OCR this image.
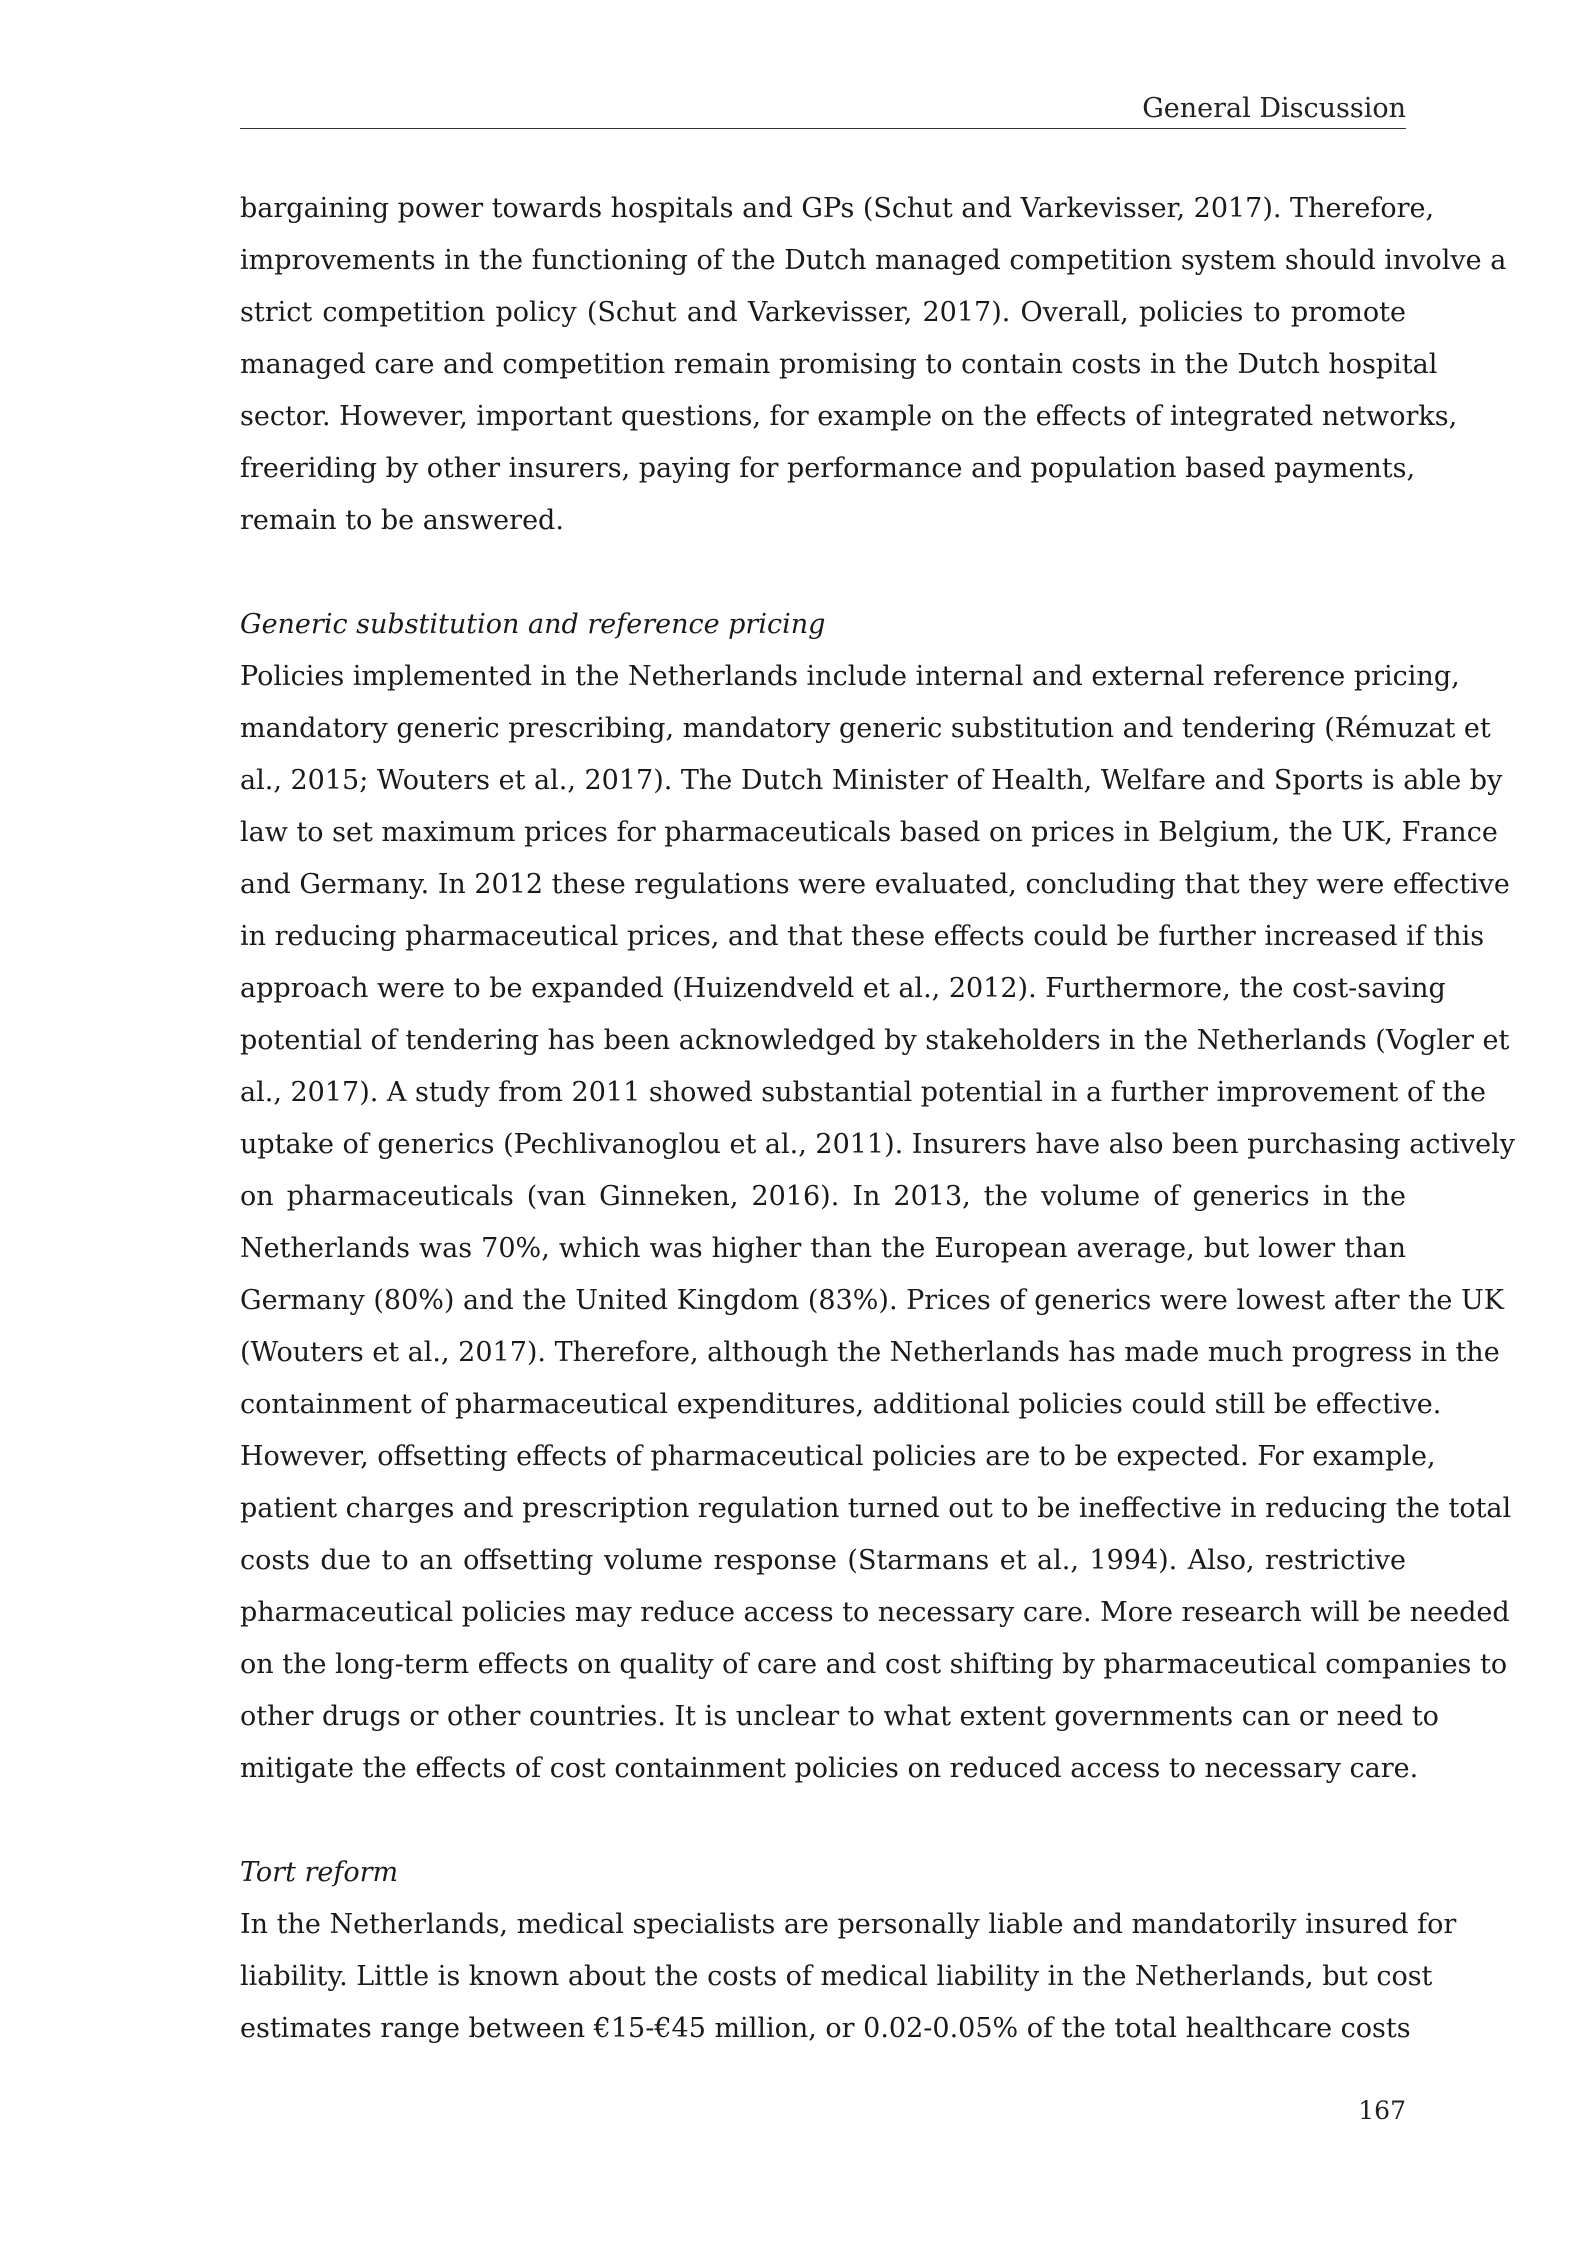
General Discussion
bargaining power towards hospitals and GPs (Schut and Varkevisser, 2017). Therefore,
improvements in the functioning of the Dutch managed competition system should involve a
strict competition policy (Schut and Varkevisser, 2017). Overall, policies to promote
managed care and competition remain promising to contain costs in the Dutch hospital
sector. However, important questions, for example on the effects of integrated networks,
freeriding by other insurers, paying for performance and population based payments,
remain to be answered.
Generic substitution and reference pricing
Policies implemented in the Netherlands include internal and external reference pricing,
mandatory generic prescribing, mandatory generic substitution and tendering (Rémuzat et
al., 2015; Wouters et al., 2017). The Dutch Minister of Health, Welfare and Sports is able by
law to set maximum prices for pharmaceuticals based on prices in Belgium, the UK, France
and Germany. In 2012 these regulations were evaluated, concluding that they were effective
in reducing pharmaceutical prices, and that these effects could be further increased if this
approach were to be expanded (Huizendveld et al., 2012). Furthermore, the cost-saving
potential of tendering has been acknowledged by stakeholders in the Netherlands (Vogler et
al., 2017). A study from 2011 showed substantial potential in a further improvement of the
uptake of generics (Pechlivanoglou et al., 2011). Insurers have also been purchasing actively
on pharmaceuticals (van Ginneken, 2016). In 2013, the volume of generics in the
Netherlands was 70%, which was higher than the European average, but lower than
Germany (80%) and the United Kingdom (83%). Prices of generics were lowest after the UK
(Wouters et al., 2017). Therefore, although the Netherlands has made much progress in the
containment of pharmaceutical expenditures, additional policies could still be effective.
However, offsetting effects of pharmaceutical policies are to be expected. For example,
patient charges and prescription regulation turned out to be ineffective in reducing the total
costs due to an offsetting volume response (Starmans et al., 1994). Also, restrictive
pharmaceutical policies may reduce access to necessary care. More research will be needed
on the long-term effects on quality of care and cost shifting by pharmaceutical companies to
other drugs or other countries. It is unclear to what extent governments can or need to
mitigate the effects of cost containment policies on reduced access to necessary care.
Tort reform
In the Netherlands, medical specialists are personally liable and mandatorily insured for
liability. Little is known about the costs of medical liability in the Netherlands, but cost
estimates range between €15-€45 million, or 0.02-0.05% of the total healthcare costs
167
